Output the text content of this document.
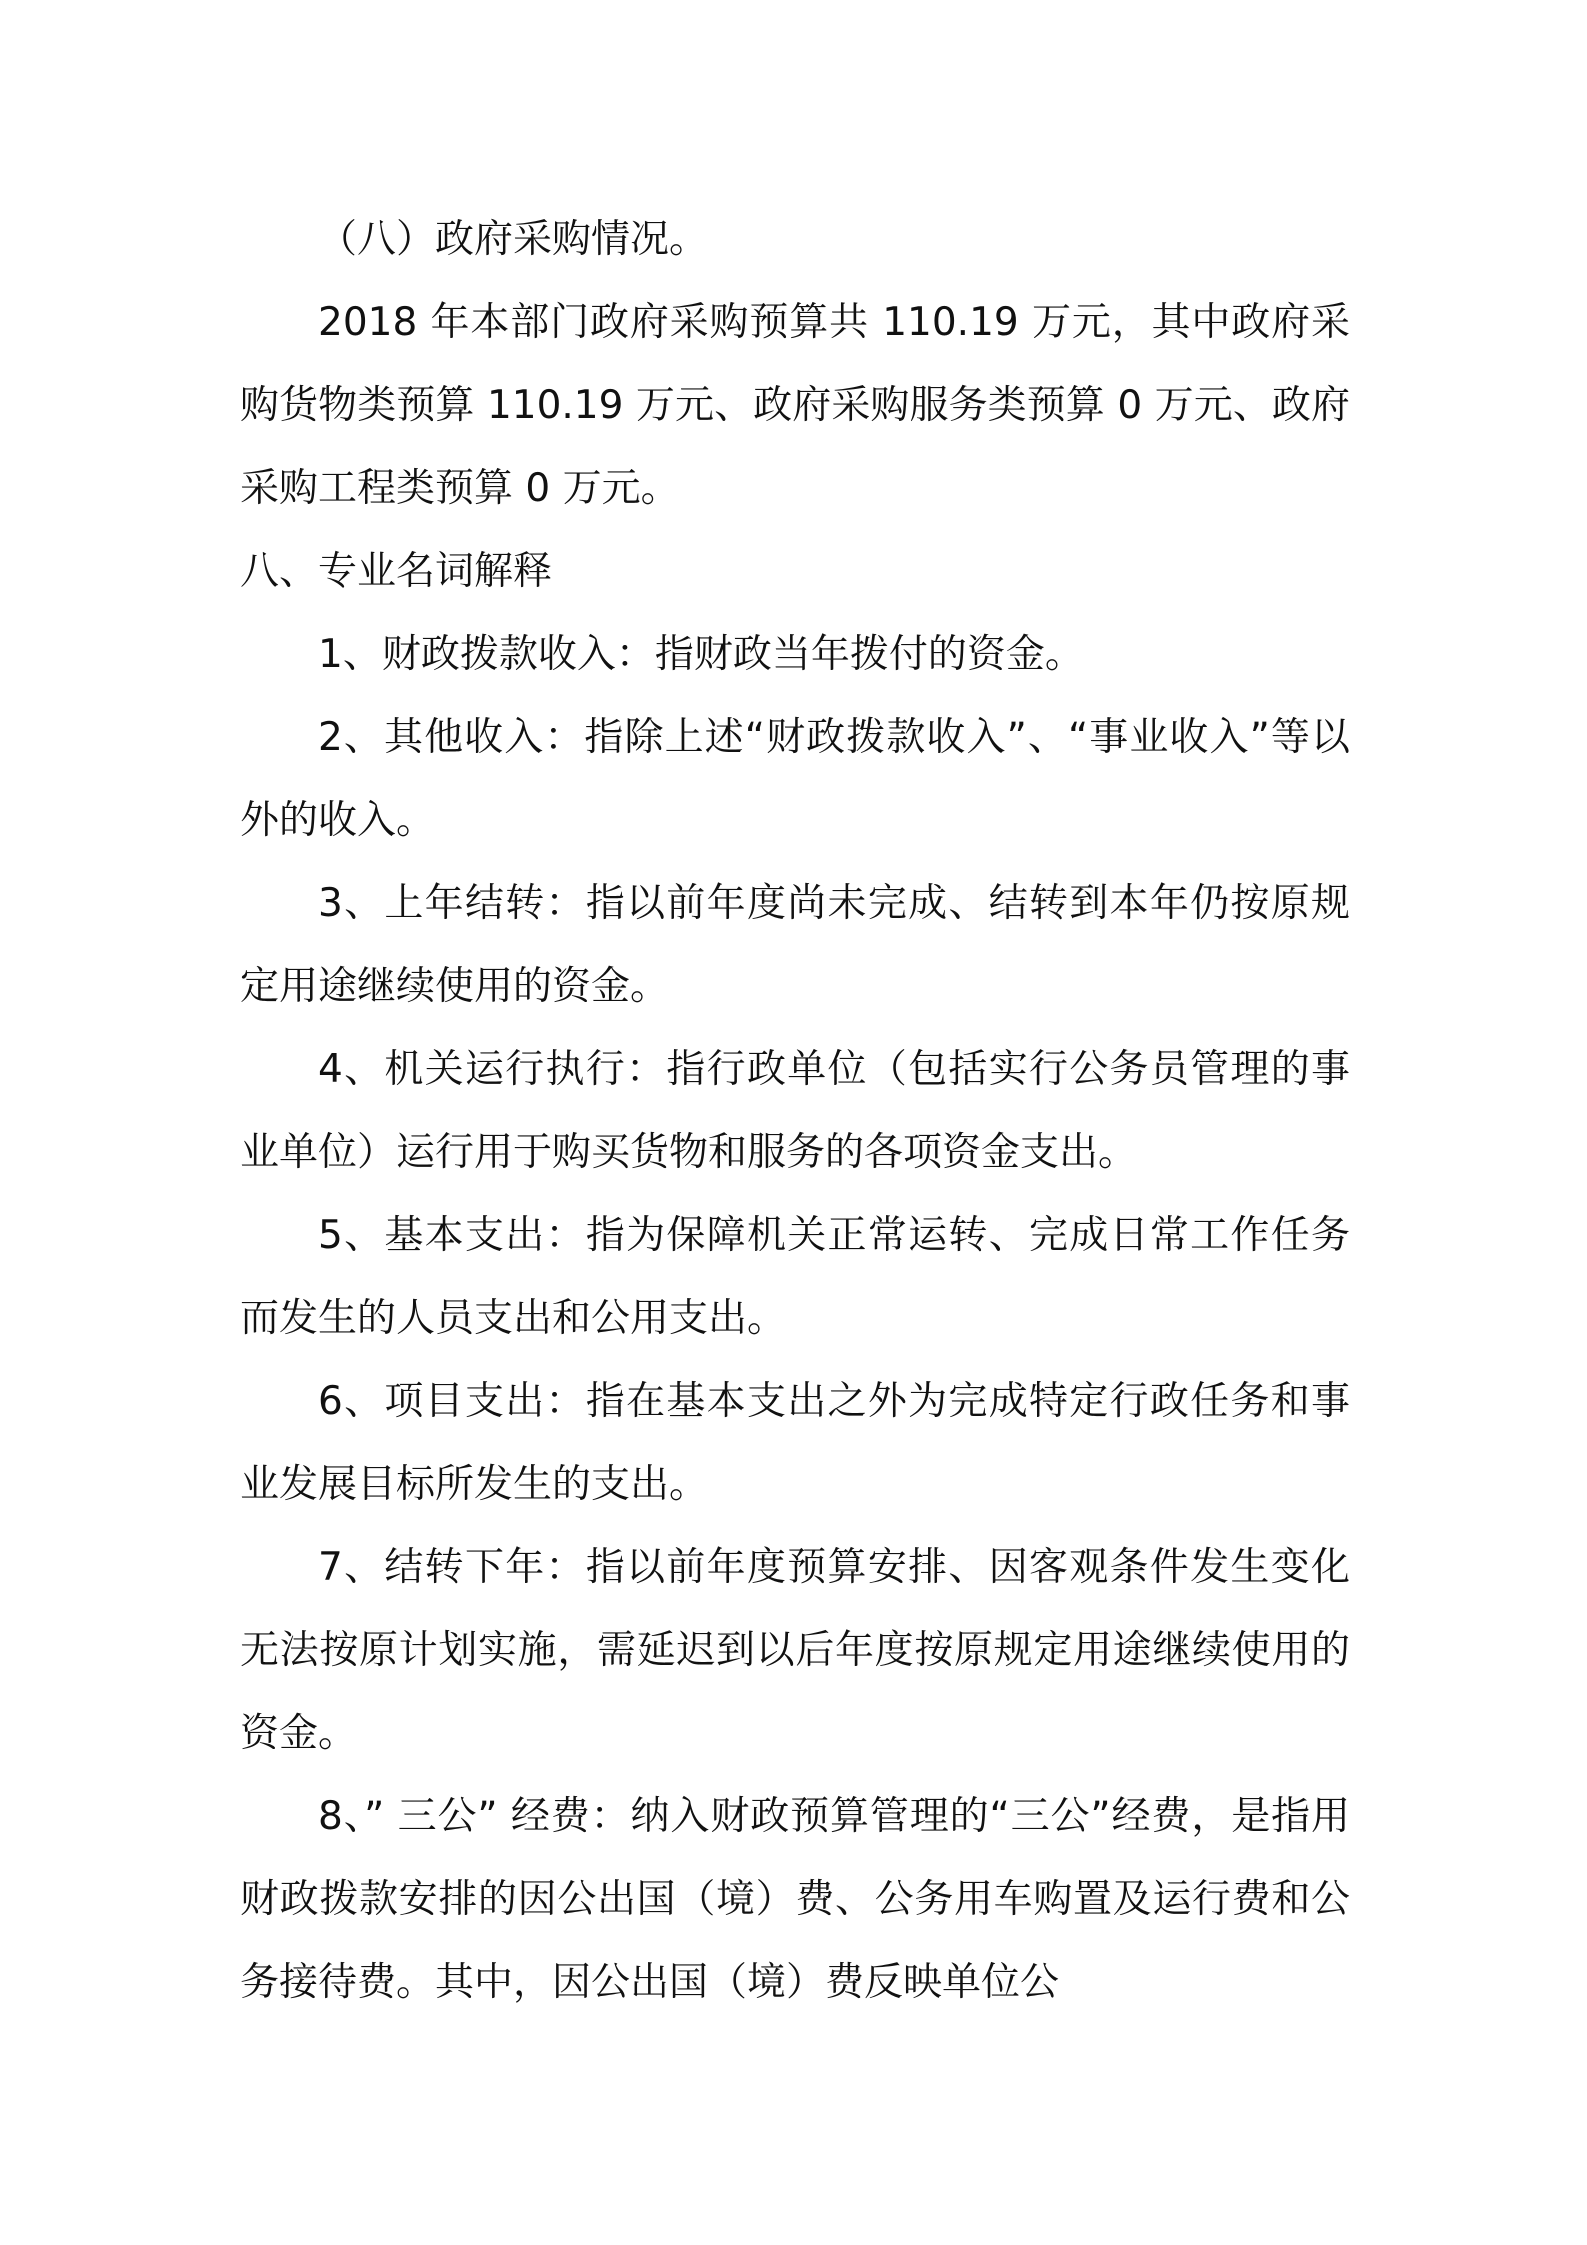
（八）政府采购情况。

2018 年本部门政府采购预算共 110.19 万元，其中政府采购货物类预算 110.19 万元、政府采购服务类预算 0 万元、政府采购工程类预算 0 万元。

八、专业名词解释

1、财政拨款收入：指财政当年拨付的资金。

2、其他收入：指除上述“财政拨款收入”、“事业收入”等以外的收入。

3、上年结转：指以前年度尚未完成、结转到本年仍按原规定用途继续使用的资金。

4、机关运行执行：指行政单位（包括实行公务员管理的事业单位）运行用于购买货物和服务的各项资金支出。

5、基本支出：指为保障机关正常运转、完成日常工作任务而发生的人员支出和公用支出。

6、项目支出：指在基本支出之外为完成特定行政任务和事业发展目标所发生的支出。

7、结转下年：指以前年度预算安排、因客观条件发生变化无法按原计划实施，需延迟到以后年度按原规定用途继续使用的资金。

8、” 三公” 经费：纳入财政预算管理的“三公”经费，是指用财政拨款安排的因公出国（境）费、公务用车购置及运行费和公务接待费。其中，因公出国（境）费反映单位公
